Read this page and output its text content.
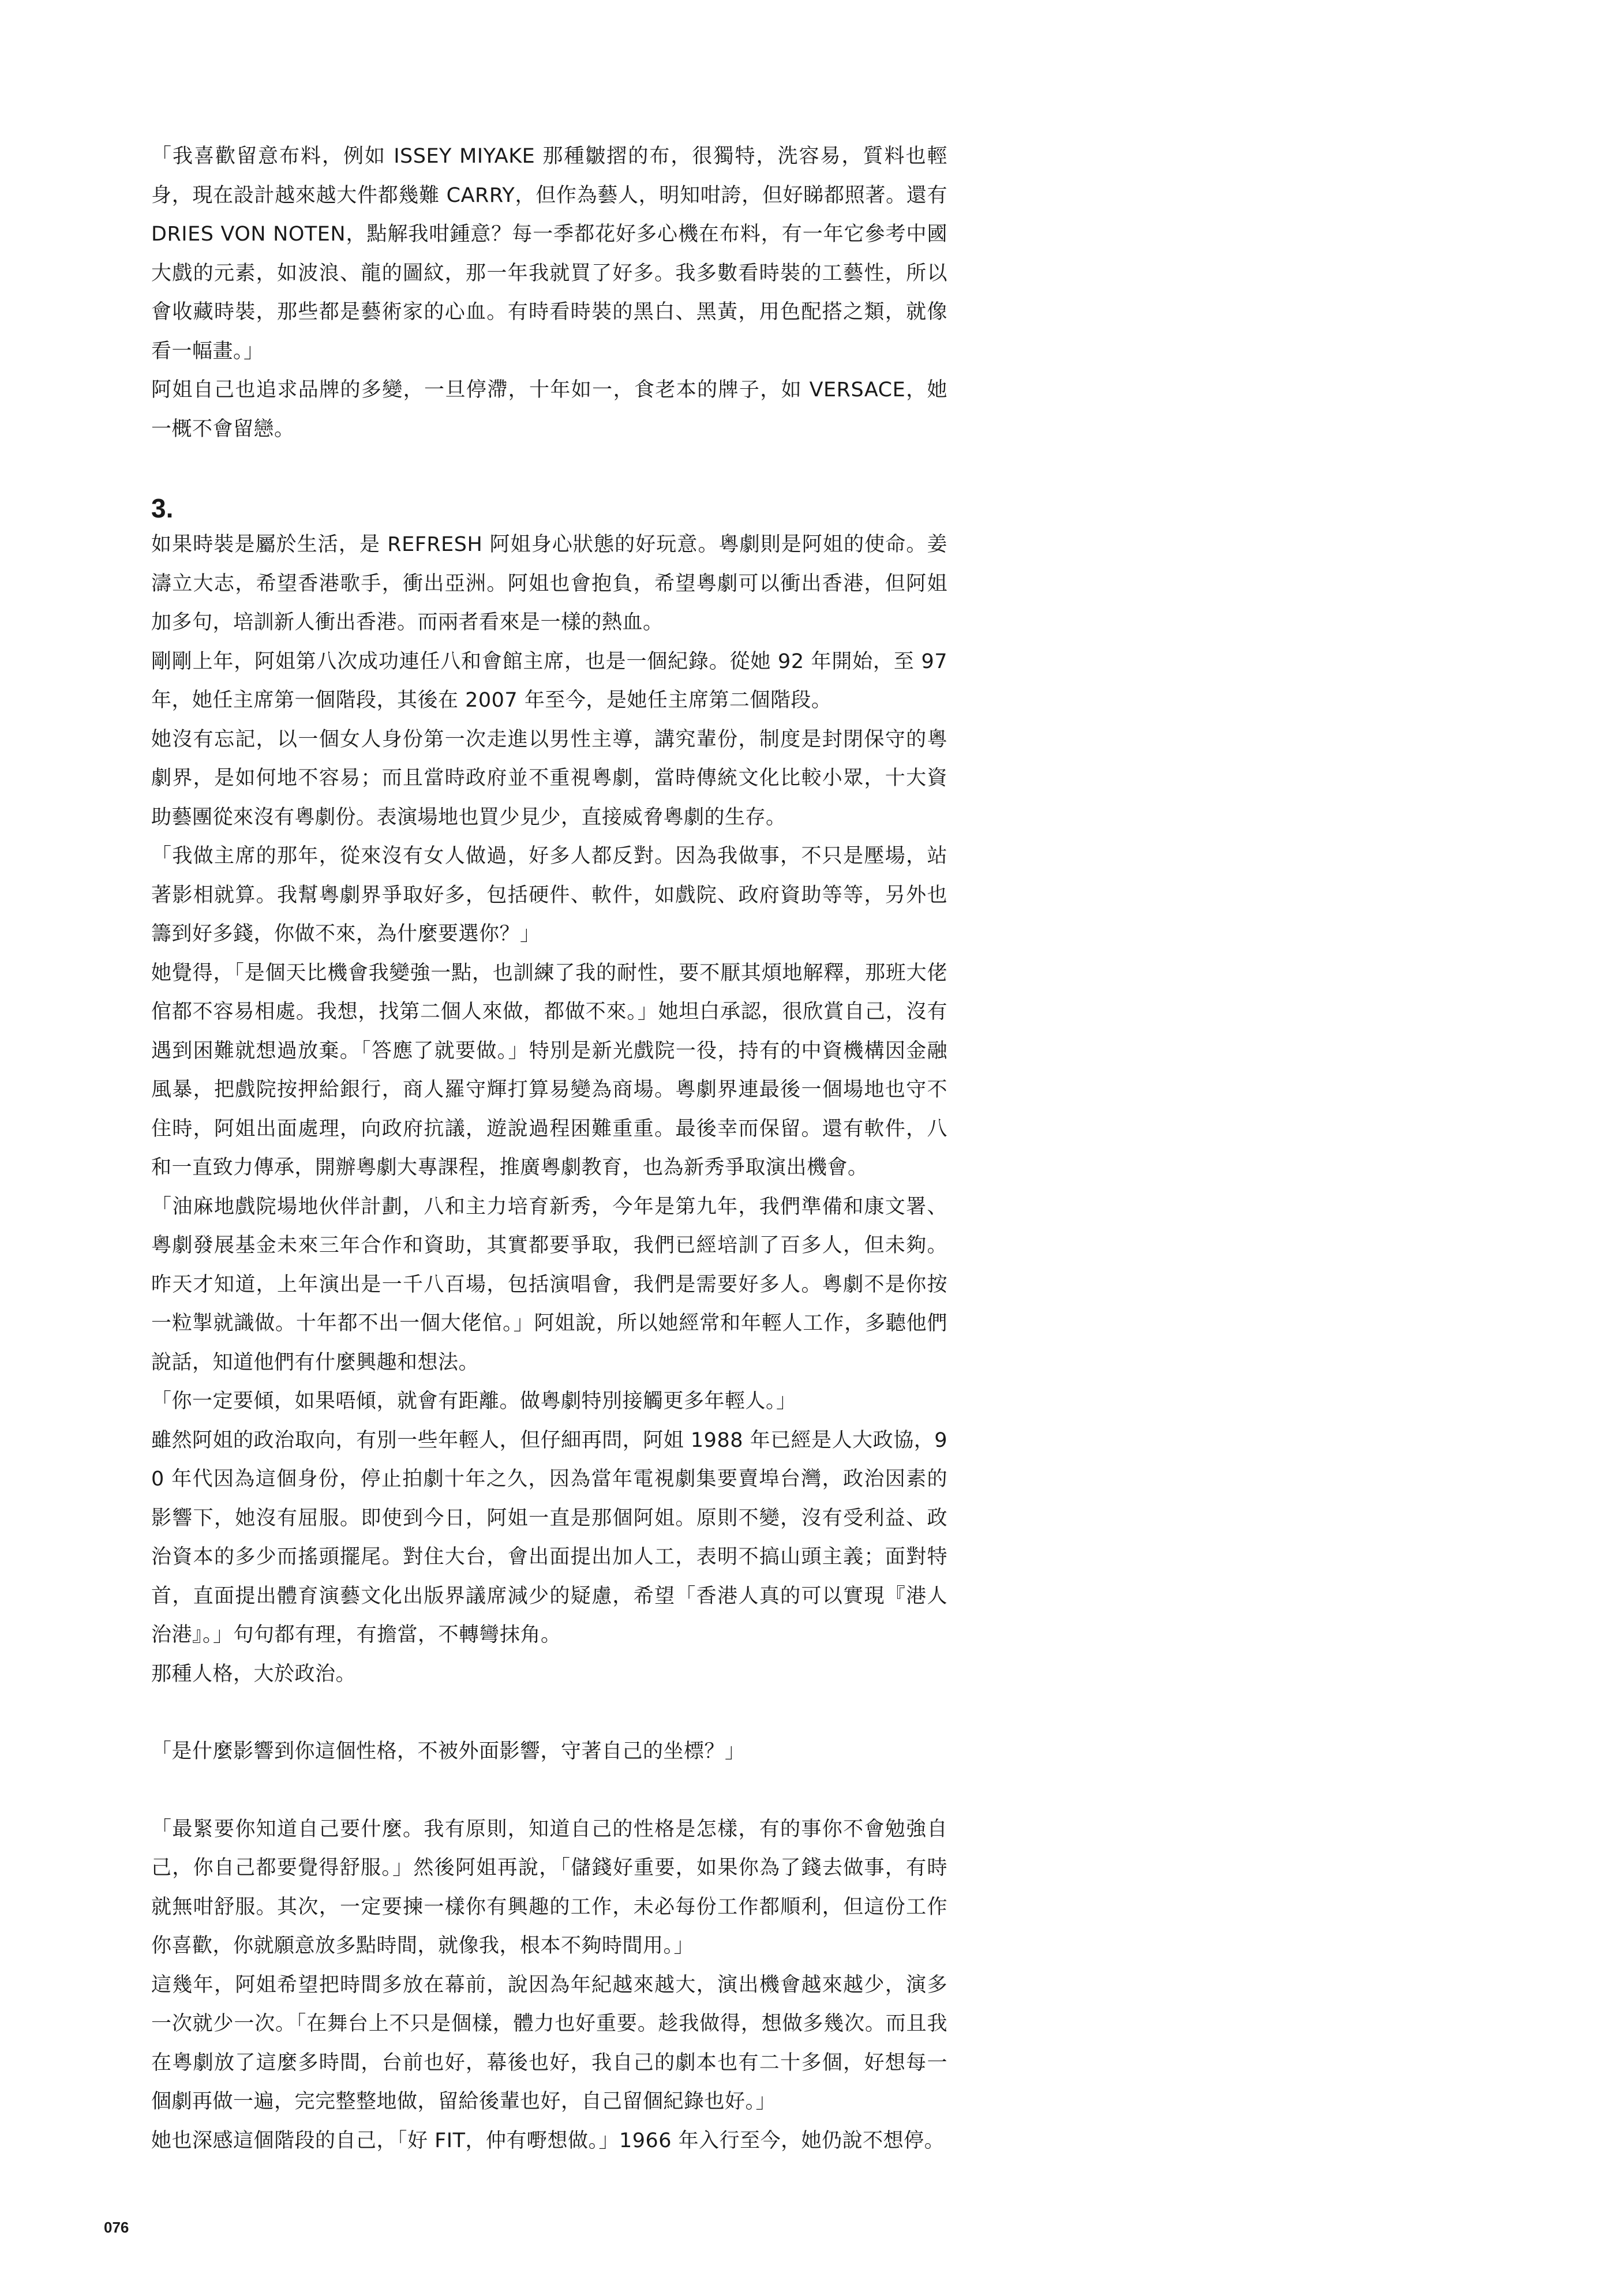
「我喜歡留意布料，例如 ISSEY MIYAKE 那種皺摺的布，很獨特，洗容易，質料也輕身，現在設計越來越大件都幾難 CARRY，但作為藝人，明知咁誇，但好睇都照著。還有 DRIES VON NOTEN，點解我咁鍾意？每一季都花好多心機在布料，有一年它參考中國大戲的元素，如波浪、龍的圖紋，那一年我就買了好多。我多數看時裝的工藝性，所以會收藏時裝，那些都是藝術家的心血。有時看時裝的黑白、黑黃，用色配搭之類，就像看一幅畫。」

阿姐自己也追求品牌的多變，一旦停滯，十年如一，食老本的牌子，如 VERSACE，她一概不會留戀。

3.

如果時裝是屬於生活，是 REFRESH 阿姐身心狀態的好玩意。粵劇則是阿姐的使命。姜濤立大志，希望香港歌手，衝出亞洲。阿姐也會抱負，希望粵劇可以衝出香港，但阿姐加多句，培訓新人衝出香港。而兩者看來是一樣的熱血。

剛剛上年，阿姐第八次成功連任八和會館主席，也是一個紀錄。從她 92 年開始，至 97 年，她任主席第一個階段，其後在 2007 年至今，是她任主席第二個階段。

她沒有忘記，以一個女人身份第一次走進以男性主導，講究輩份，制度是封閉保守的粵劇界，是如何地不容易；而且當時政府並不重視粵劇，當時傳統文化比較小眾，十大資助藝團從來沒有粵劇份。表演場地也買少見少，直接威脅粵劇的生存。

「我做主席的那年，從來沒有女人做過，好多人都反對。因為我做事，不只是壓場，站著影相就算。我幫粵劇界爭取好多，包括硬件、軟件，如戲院、政府資助等等，另外也籌到好多錢，你做不來，為什麼要選你？」

她覺得，「是個天比機會我變強一點，也訓練了我的耐性，要不厭其煩地解釋，那班大佬倌都不容易相處。我想，找第二個人來做，都做不來。」她坦白承認，很欣賞自己，沒有遇到困難就想過放棄。「答應了就要做。」特別是新光戲院一役，持有的中資機構因金融風暴，把戲院按押給銀行，商人羅守輝打算易變為商場。粵劇界連最後一個場地也守不住時，阿姐出面處理，向政府抗議，遊說過程困難重重。最後幸而保留。還有軟件，八和一直致力傳承，開辦粵劇大專課程，推廣粵劇教育，也為新秀爭取演出機會。

「油麻地戲院場地伙伴計劃，八和主力培育新秀，今年是第九年，我們準備和康文署、粵劇發展基金未來三年合作和資助，其實都要爭取，我們已經培訓了百多人，但未夠。昨天才知道，上年演出是一千八百場，包括演唱會，我們是需要好多人。粵劇不是你按一粒掣就識做。十年都不出一個大佬倌。」阿姐說，所以她經常和年輕人工作，多聽他們說話，知道他們有什麼興趣和想法。

「你一定要傾，如果唔傾，就會有距離。做粵劇特別接觸更多年輕人。」

雖然阿姐的政治取向，有別一些年輕人，但仔細再問，阿姐 1988 年已經是人大政協，90 年代因為這個身份，停止拍劇十年之久，因為當年電視劇集要賣埠台灣，政治因素的影響下，她沒有屈服。即使到今日，阿姐一直是那個阿姐。原則不變，沒有受利益、政治資本的多少而搖頭擺尾。對住大台，會出面提出加人工，表明不搞山頭主義；面對特首，直面提出體育演藝文化出版界議席減少的疑慮，希望「香港人真的可以實現『港人治港』。」句句都有理，有擔當，不轉彎抹角。

那種人格，大於政治。

「是什麼影響到你這個性格，不被外面影響，守著自己的坐標？」

「最緊要你知道自己要什麼。我有原則，知道自己的性格是怎樣，有的事你不會勉強自己，你自己都要覺得舒服。」然後阿姐再說，「儲錢好重要，如果你為了錢去做事，有時就無咁舒服。其次，一定要揀一樣你有興趣的工作，未必每份工作都順利，但這份工作你喜歡，你就願意放多點時間，就像我，根本不夠時間用。」

這幾年，阿姐希望把時間多放在幕前，說因為年紀越來越大，演出機會越來越少，演多一次就少一次。「在舞台上不只是個樣，體力也好重要。趁我做得，想做多幾次。而且我在粵劇放了這麼多時間，台前也好，幕後也好，我自己的劇本也有二十多個，好想每一個劇再做一遍，完完整整地做，留給後輩也好，自己留個紀錄也好。」

她也深感這個階段的自己，「好 FIT，仲有嘢想做。」1966 年入行至今，她仍說不想停。

076
